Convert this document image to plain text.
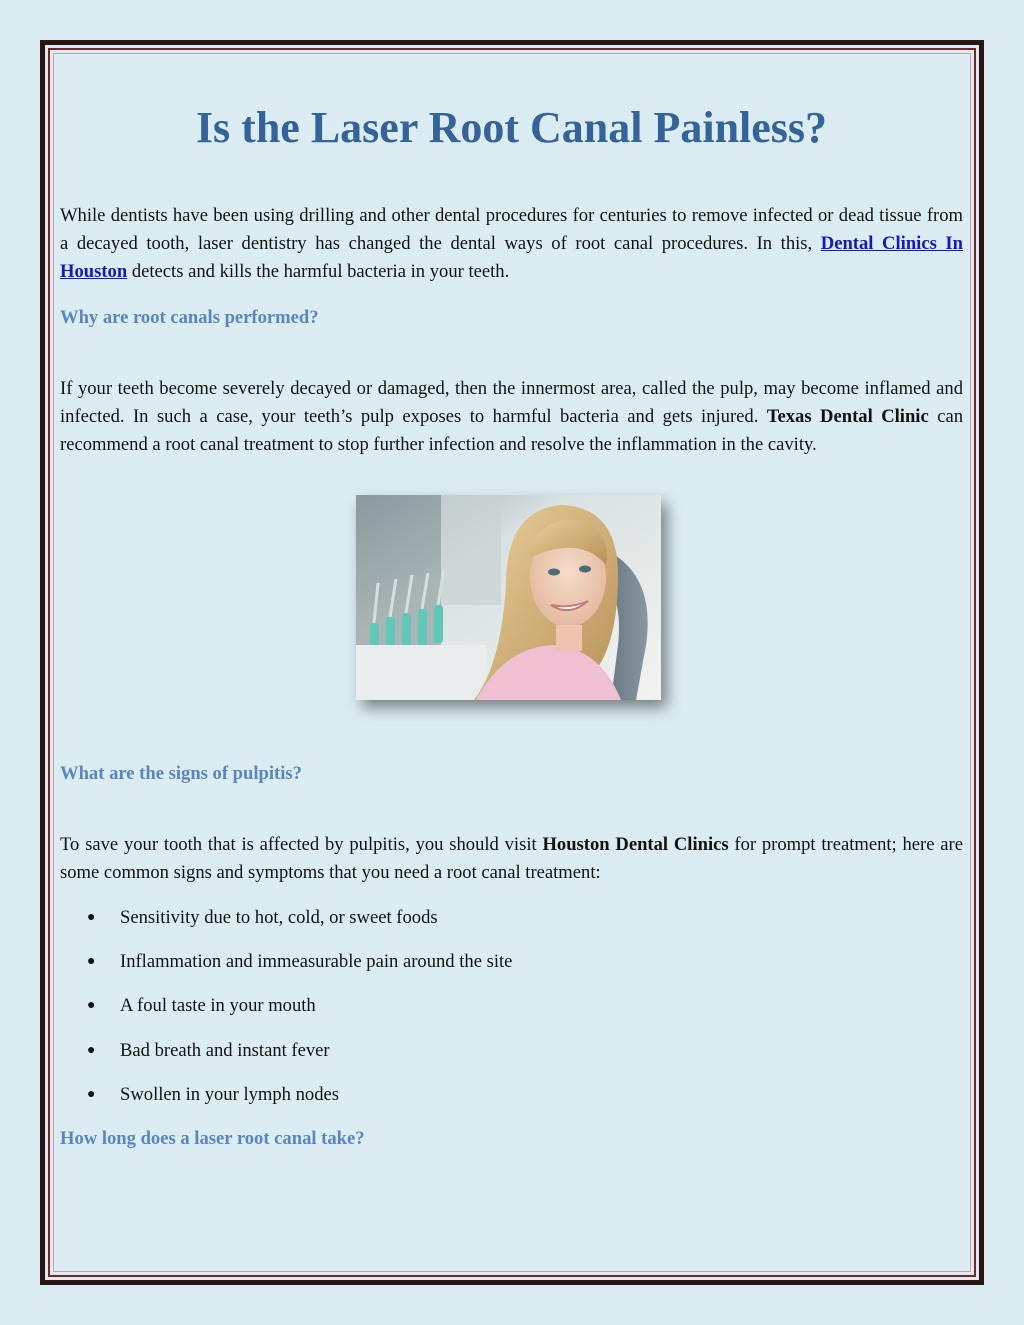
Is the Laser Root Canal Painless?

While dentists have been using drilling and other dental procedures for centuries to remove infected or dead tissue from a decayed tooth, laser dentistry has changed the dental ways of root canal procedures. In this, Dental Clinics In Houston detects and kills the harmful bacteria in your teeth.

Why are root canals performed?

If your teeth become severely decayed or damaged, then the innermost area, called the pulp, may become inflamed and infected. In such a case, your teeth’s pulp exposes to harmful bacteria and gets injured. Texas Dental Clinic can recommend a root canal treatment to stop further infection and resolve the inflammation in the cavity.

What are the signs of pulpitis?

To save your tooth that is affected by pulpitis, you should visit Houston Dental Clinics for prompt treatment; here are some common signs and symptoms that you need a root canal treatment:

● Sensitivity due to hot, cold, or sweet foods
● Inflammation and immeasurable pain around the site
● A foul taste in your mouth
● Bad breath and instant fever
● Swollen in your lymph nodes
How long does a laser root canal take?
